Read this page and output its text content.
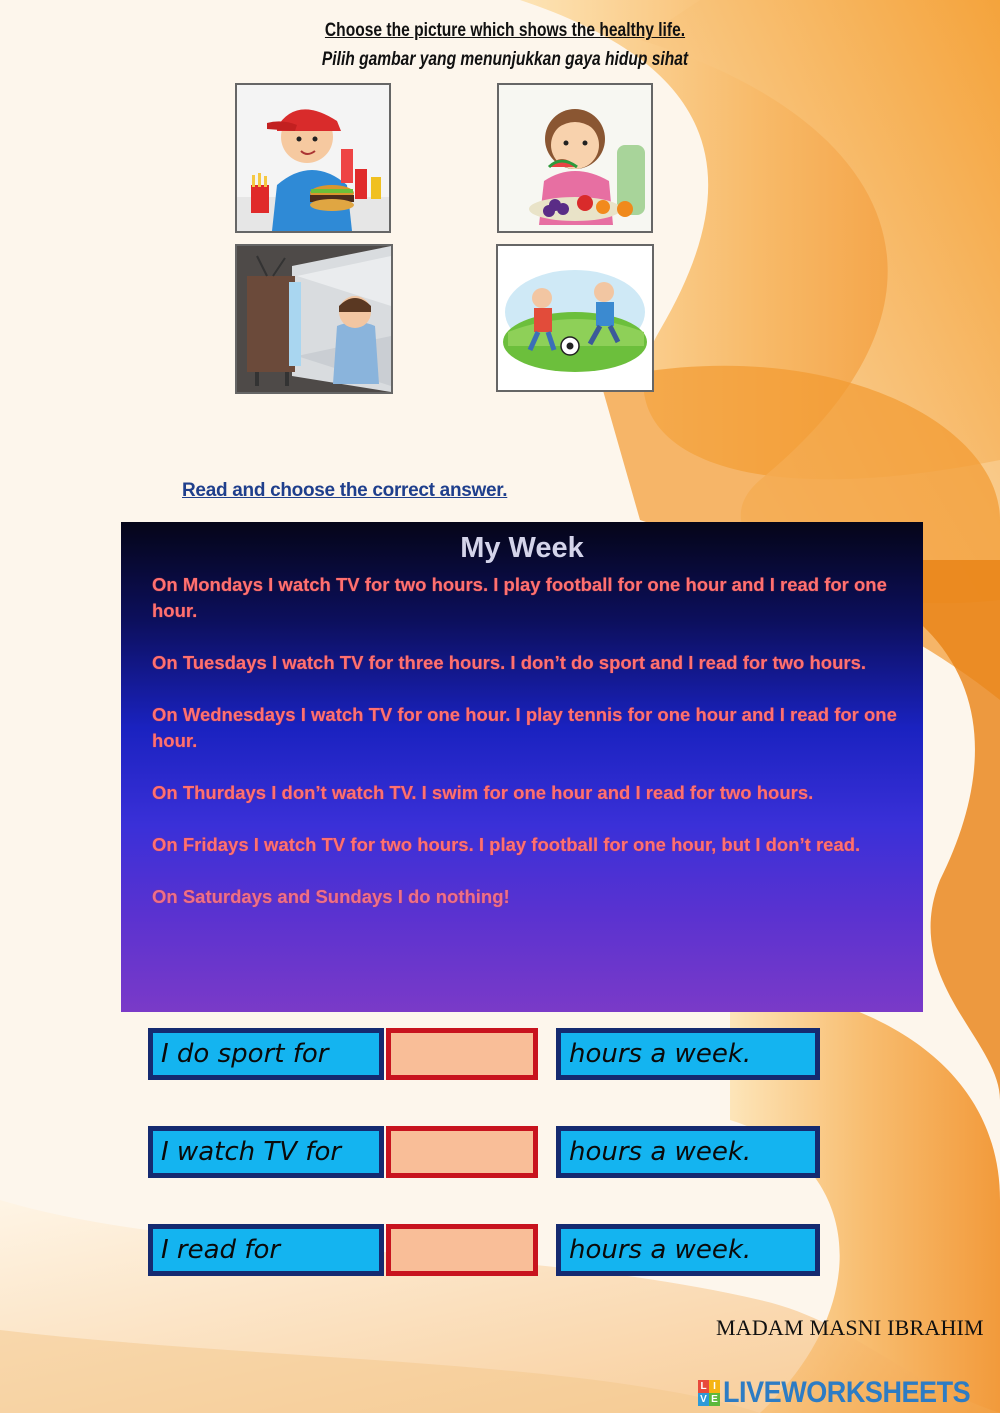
Choose the picture which shows the healthy life.
Pilih gambar yang menunjukkan gaya hidup sihat
Read and choose the correct answer.
My Week

On Mondays I watch TV for two hours. I play football for one hour and I read for one hour.

On Tuesdays I watch TV for three hours. I don’t do sport and I read for two hours.

On Wednesdays I watch TV for one hour. I play tennis for one hour and I read for one hour.

On Thurdays I don’t watch TV. I swim for one hour and I read for two hours.

On Fridays I watch TV for two hours. I play football for one hour, but I don’t read.

On Saturdays and Sundays I do nothing!

I do sport for	hours a week.
I watch TV for	hours a week.
I read for	hours a week.
MADAM MASNI IBRAHIM
L I
V E LIVEWORKSHEETS
